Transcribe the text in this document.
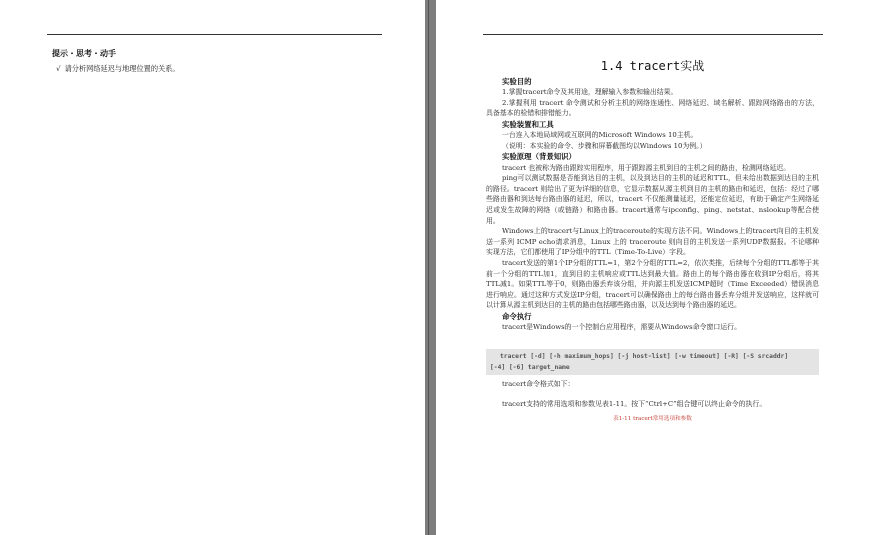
提示・思考・动手
√ 请分析网络延迟与地理位置的关系。	1.4 tracert实战

实验目的

1.掌握tracert命令及其用途，理解输入参数和输出结果。

2.掌握利用 tracert 命令测试和分析主机的网络连通性、网络延迟、域名解析、跟踪网络路由的方法，具备基本的检错和排错能力。

实验装置和工具

一台连入本地局域网或互联网的Microsoft Windows 10主机。

（说明：本实验的命令、步骤和屏幕截图均以Windows 10为例。）

实验原理（背景知识）

tracert 也被称为路由跟踪实用程序，用于跟踪源主机到目的主机之间的路由，检测网络延迟。

ping可以测试数据是否能到达目的主机，以及到达目的主机的延迟和TTL，但未给出数据到达目的主机的路径。tracert 则给出了更为详细的信息，它显示数据从源主机到目的主机的路由和延迟，包括：经过了哪些路由器和到达每台路由器的延迟，所以，tracert 不仅能测量延迟，还能定位延迟，有助于确定产生网络延迟或发生故障的网络（或链路）和路由器。tracert通常与ipconfig、ping、netstat、nslookup等配合使用。

Windows上的tracert与Linux上的traceroute的实现方法不同。Windows上的tracert向目的主机发送一系列 ICMP echo请求消息，Linux 上的 traceroute 则向目的主机发送一系列UDP数据报。不论哪种实现方法，它们都使用了IP分组中的TTL（Time-To-Live）字段。

tracert发送的第1个IP分组的TTL=1，第2个分组的TTL=2，依次类推，后续每个分组的TTL都等于其前一个分组的TTL加1，直到目的主机响应或TTL达到最大值。路由上的每个路由器在收到IP分组后，将其TTL减1。如果TTL等于0，则路由器丢弃该分组，并向源主机发送ICMP超时（Time Exceeded）错误消息进行响应。通过这种方式发送IP分组，tracert可以确保路由上的每台路由器丢弃分组并发送响应，这样就可以计算从源主机到达目的主机的路由包括哪些路由器，以及达到每个路由器的延迟。

命令执行

tracert是Windows的一个控制台应用程序，需要从Windows命令窗口运行。

tracert [-d] [-h maximum_hops] [-j host-list] [-w timeout] [-R] [-S srcaddr]
[-4] [-6] target_name

tracert命令格式如下：

tracert支持的常用选项和参数见表1-11。按下“Ctrl+C”组合键可以终止命令的执行。

表1-11 tracert常用选项和参数
